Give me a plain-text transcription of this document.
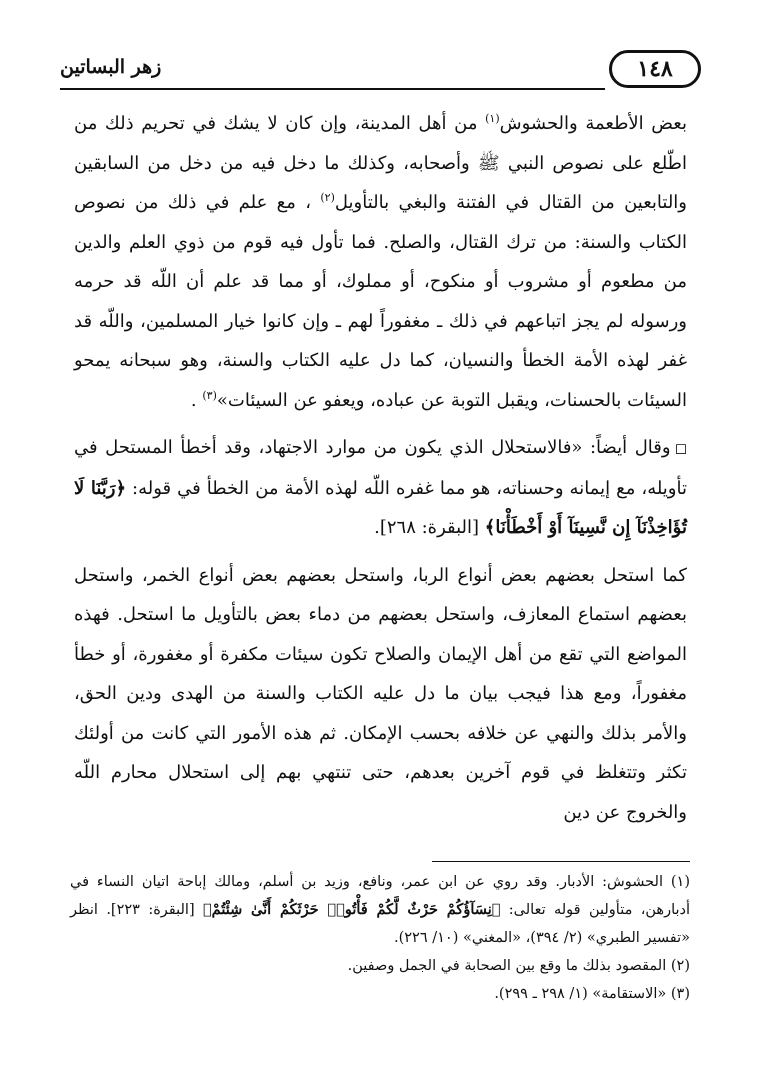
زهر البساتين	١٤٨

بعض الأطعمة والحشوش$^{(١)}$ من أهل المدينة، وإن كان لا يشك في تحريم ذلك من اطّلع على نصوص النبي ﷺ وأصحابه، وكذلك ما دخل فيه من دخل من السابقين والتابعين من القتال في الفتنة والبغي بالتأويل$^{(٢)}$ ، مع علم في ذلك من نصوص الكتاب والسنة: من ترك القتال، والصلح. فما تأول فيه قوم من ذوي العلم والدين من مطعوم أو مشروب أو منكوح، أو مملوك، أو مما قد علم أن اللّه قد حرمه ورسوله لم يجز اتباعهم في ذلك ـ مغفوراً لهم ـ وإن كانوا خيار المسلمين، واللّه قد غفر لهذه الأمة الخطأ والنسيان، كما دل عليه الكتاب والسنة، وهو سبحانه يمحو السيئات بالحسنات، ويقبل التوبة عن عباده، ويعفو عن السيئات»$^{(٣)}$ .

◻وقال أيضاً: «فالاستحلال الذي يكون من موارد الاجتهاد، وقد أخطأ المستحل في تأويله، مع إيمانه وحسناته، هو مما غفره اللّه لهذه الأمة من الخطأ في قوله: ﴿رَبَّنَا لَا تُؤَاخِذْنَآ إِن نَّسِينَآ أَوْ أَخْطَأْنَا﴾ [البقرة: ٢٦٨].

كما استحل بعضهم بعض أنواع الربا، واستحل بعضهم بعض أنواع الخمر، واستحل بعضهم استماع المعازف، واستحل بعضهم من دماء بعض بالتأويل ما استحل. فهذه المواضع التي تقع من أهل الإيمان والصلاح تكون سيئات مكفرة أو مغفورة، أو خطأ مغفوراً، ومع هذا فيجب بيان ما دل عليه الكتاب والسنة من الهدى ودين الحق، والأمر بذلك والنهي عن خلافه بحسب الإمكان. ثم هذه الأمور التي كانت من أولئك تكثر وتتغلظ في قوم آخرين بعدهم، حتى تنتهي بهم إلى استحلال محارم اللّه والخروج عن دين

(١) الحشوش: الأدبار. وقد روي عن ابن عمر، ونافع، وزيد بن أسلم، ومالك إباحة اتيان النساء في أدبارهن، متأولين قوله تعالى: ﴿نِسَآؤُكُمْ حَرْثٌ لَّكُمْ فَأْتُوا۟ حَرْثَكُمْ أَنَّىٰ شِئْتُمْ﴾ [البقرة: ٢٢٣]. انظر «تفسير الطبري» (٢/ ٣٩٤)، «المغني» (١٠/ ٢٢٦).

(٢) المقصود بذلك ما وقع بين الصحابة في الجمل وصفين.

(٣) «الاستقامة» (١/ ٢٩٨ ـ ٢٩٩).
